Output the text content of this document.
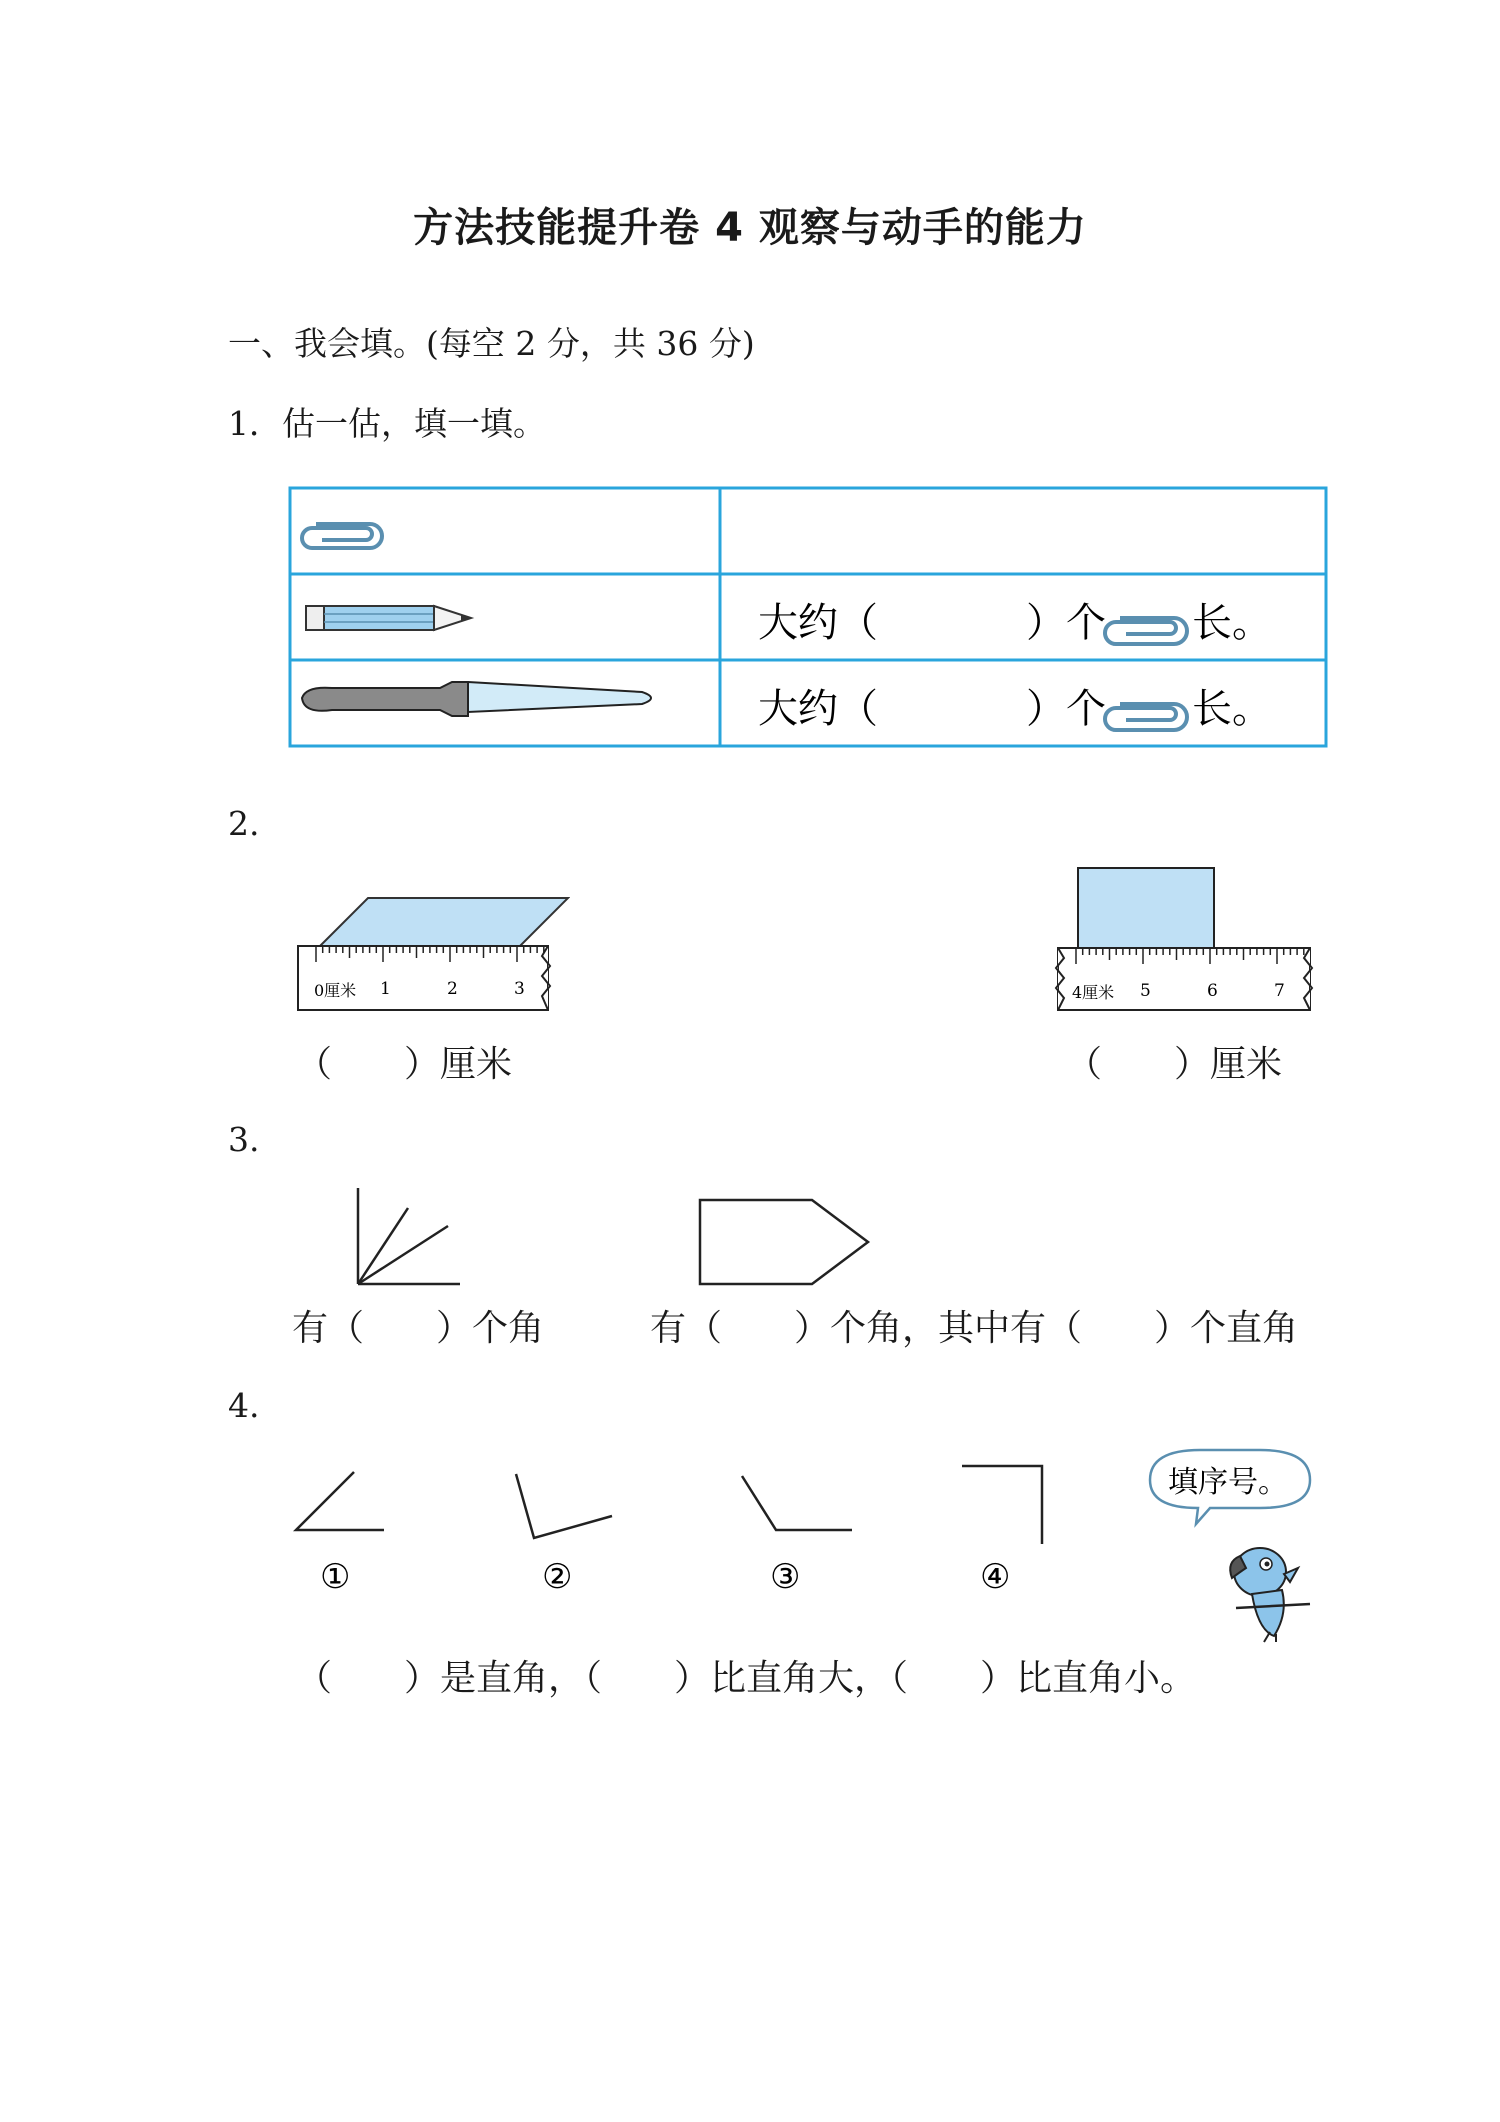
方法技能提升卷 4 观察与动手的能力
一、我会填。(每空 2 分，共 36 分)
1．估一估，填一填。
大约（	）个 长。
大约（	）个 长。
2.
0厘米 1	2	3
（　　）厘米
4厘米 5	6	7
（　　）厘米
3.
有（　　）个角	有（　　）个角，其中有（　　）个直角
4.
①	②	③	④
填序号。
（　　）是直角，（　　）比直角大，（　　）比直角小。
